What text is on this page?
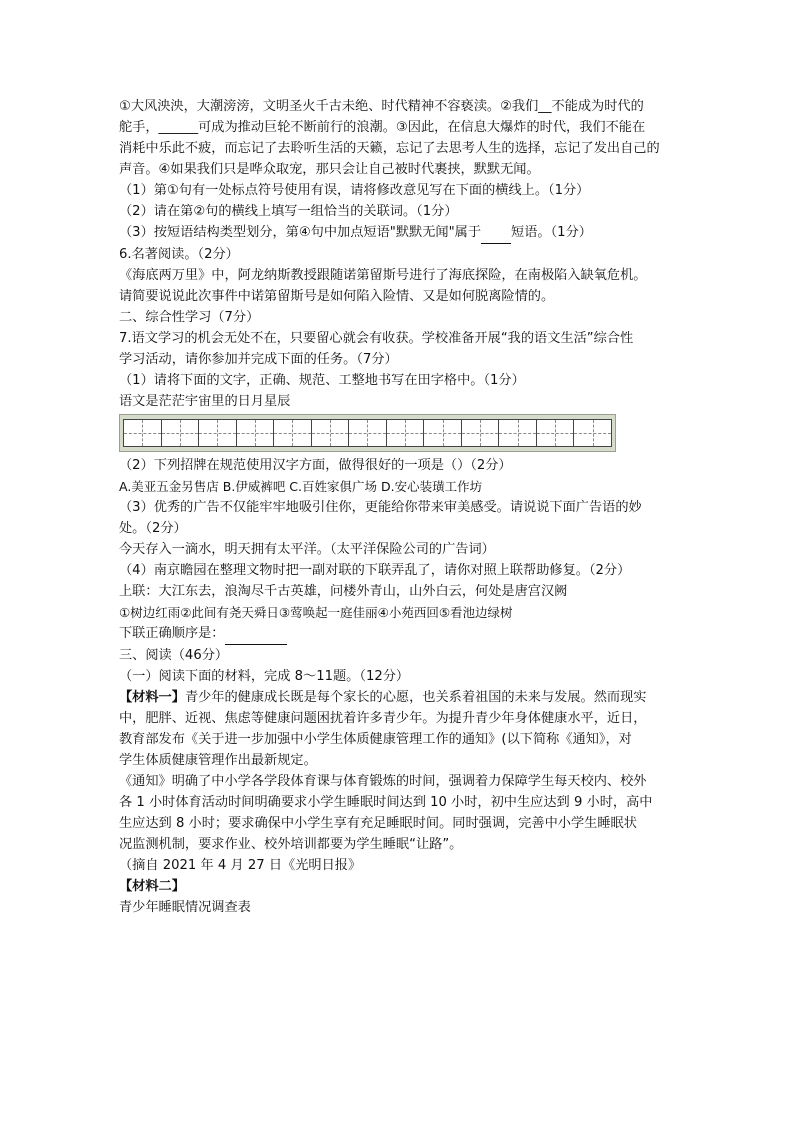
①大风泱泱，大潮滂滂，文明圣火千古未绝、时代精神不容亵渎。②我们__不能成为时代的

舵手，______可成为推动巨轮不断前行的浪潮。③因此，在信息大爆炸的时代，我们不能在

消耗中乐此不疲，而忘记了去聆听生活的天籁，忘记了去思考人生的选择，忘记了发出自己的

声音。④如果我们只是哗众取宠，那只会让自己被时代裹挟，默默无闻。

（1）第①句有一处标点符号使用有误，请将修改意见写在下面的横线上。（1分）

（2）请在第②句的横线上填写一组恰当的关联词。（1分）

（3）按短语结构类型划分，第④句中加点短语"默默无闻"属于 短语。（1分）

6.名著阅读。（2分）

《海底两万里》中，阿龙纳斯教授跟随诺第留斯号进行了海底探险，在南极陷入缺氧危机。

请简要说说此次事件中诺第留斯号是如何陷入险情、又是如何脱离险情的。

二、综合性学习（7分）

7.语文学习的机会无处不在，只要留心就会有收获。学校准备开展“我的语文生活”综合性

学习活动，请你参加并完成下面的任务。（7分）

（1）请将下面的文字，正确、规范、工整地书写在田字格中。（1分）

语文是茫茫宇宙里的日月星辰

（2）下列招牌在规范使用汉字方面，做得很好的一项是（）（2分）

A.美亚五金另售店 B.伊威裤吧 C.百姓家俱广场 D.安心装璜工作坊

（3）优秀的广告不仅能牢牢地吸引住你，更能给你带来审美感受。请说说下面广告语的妙

处。（2分）

今天存入一滴水，明天拥有太平洋。（太平洋保险公司的广告词）

（4）南京瞻园在整理文物时把一副对联的下联弄乱了，请你对照上联帮助修复。（2分）

上联：大江东去，浪淘尽千古英雄，问楼外青山，山外白云，何处是唐宫汉阙

①树边红雨②此间有尧天舜日③莺唤起一庭佳丽④小苑西回⑤看池边绿树

下联正确顺序是：

三、阅读（46分）

（一）阅读下面的材料，完成 8～11题。（12分）

【材料一】青少年的健康成长既是每个家长的心愿，也关系着祖国的未来与发展。然而现实

中，肥胖、近视、焦虑等健康问题困扰着许多青少年。为提升青少年身体健康水平，近日，

教育部发布《关于进一步加强中小学生体质健康管理工作的通知》(以下简称《通知》，对

学生体质健康管理作出最新规定。

《通知》明确了中小学各学段体育课与体育锻炼的时间，强调着力保障学生每天校内、校外

各 1 小时体育活动时间明确要求小学生睡眠时间达到 10 小时，初中生应达到 9 小时，高中

生应达到 8 小时；要求确保中小学生享有充足睡眠时间。同时强调，完善中小学生睡眠状

况监测机制，要求作业、校外培训都要为学生睡眠“让路”。

（摘自 2021 年 4 月 27 日《光明日报》

【材料二】

青少年睡眠情况调查表
